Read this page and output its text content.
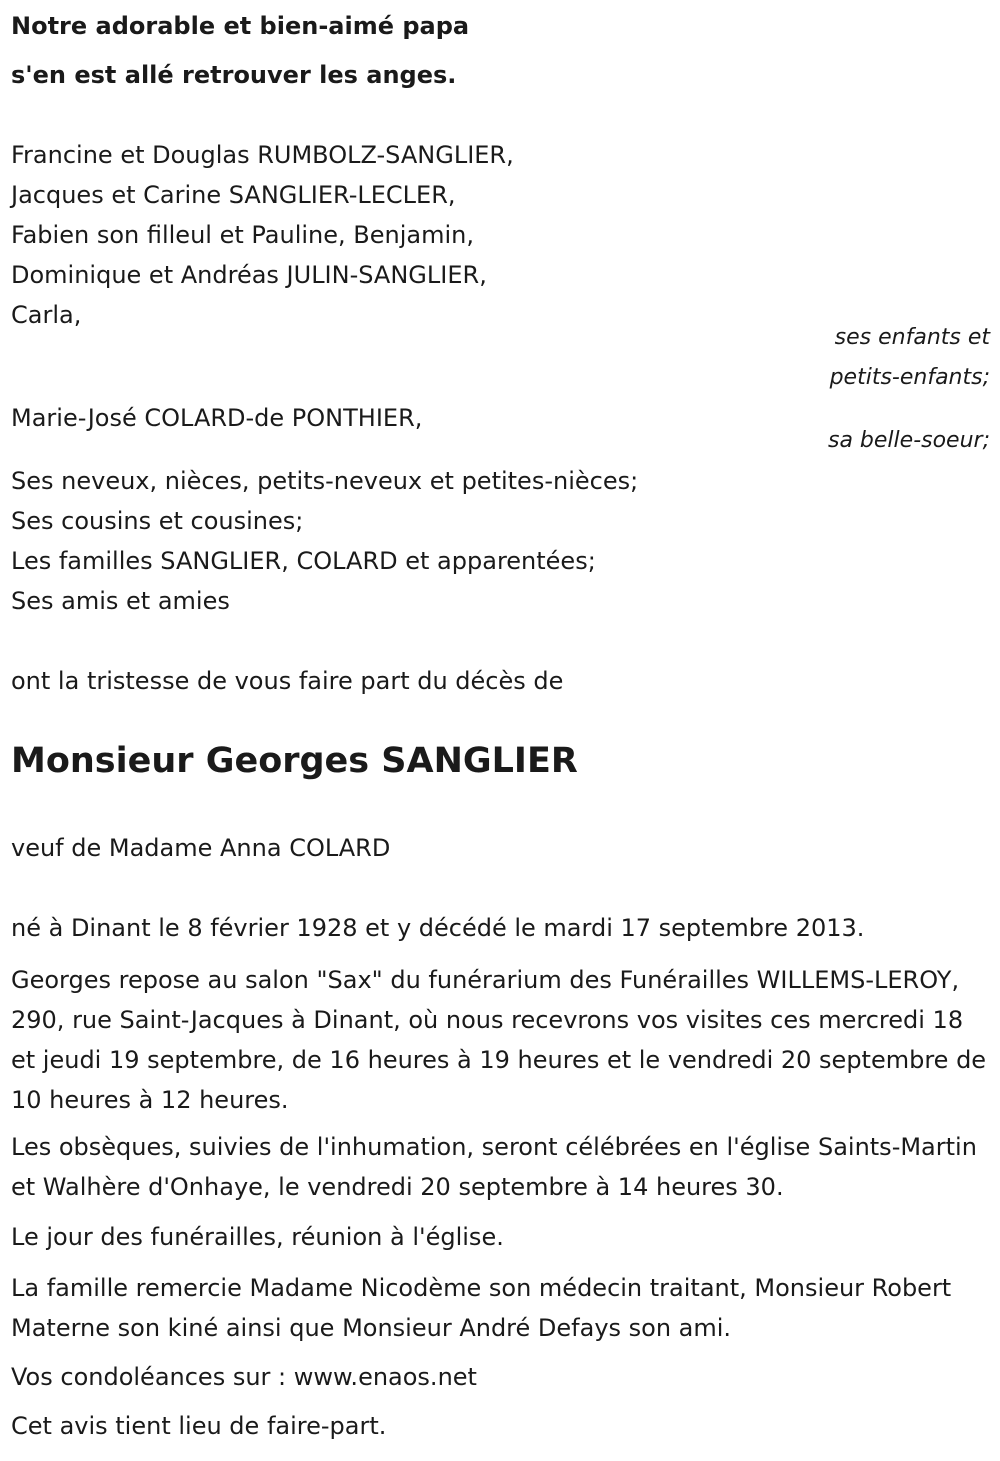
Notre adorable et bien-aimé papa
s'en est allé retrouver les anges.
Francine et Douglas RUMBOLZ-SANGLIER,
Jacques et Carine SANGLIER-LECLER,
Fabien son filleul et Pauline, Benjamin,
Dominique et Andréas JULIN-SANGLIER,
Carla,
ses enfants et
petits-enfants;
Marie-José COLARD-de PONTHIER,
sa belle-soeur;
Ses neveux, nièces, petits-neveux et petites-nièces;
Ses cousins et cousines;
Les familles SANGLIER, COLARD et apparentées;
Ses amis et amies
ont la tristesse de vous faire part du décès de
Monsieur Georges SANGLIER
veuf de Madame Anna COLARD
né à Dinant le 8 février 1928 et y décédé le mardi 17 septembre 2013.
Georges repose au salon "Sax" du funérarium des Funérailles WILLEMS-LEROY, 290, rue Saint-Jacques à Dinant, où nous recevrons vos visites ces mercredi 18 et jeudi 19 septembre, de 16 heures à 19 heures et le vendredi 20 septembre de 10 heures à 12 heures.
Les obsèques, suivies de l'inhumation, seront célébrées en l'église Saints-Martin et Walhère d'Onhaye, le vendredi 20 septembre à 14 heures 30.
Le jour des funérailles, réunion à l'église.
La famille remercie Madame Nicodème son médecin traitant, Monsieur Robert Materne son kiné ainsi que Monsieur André Defays son ami.
Vos condoléances sur : www.enaos.net
Cet avis tient lieu de faire-part.
